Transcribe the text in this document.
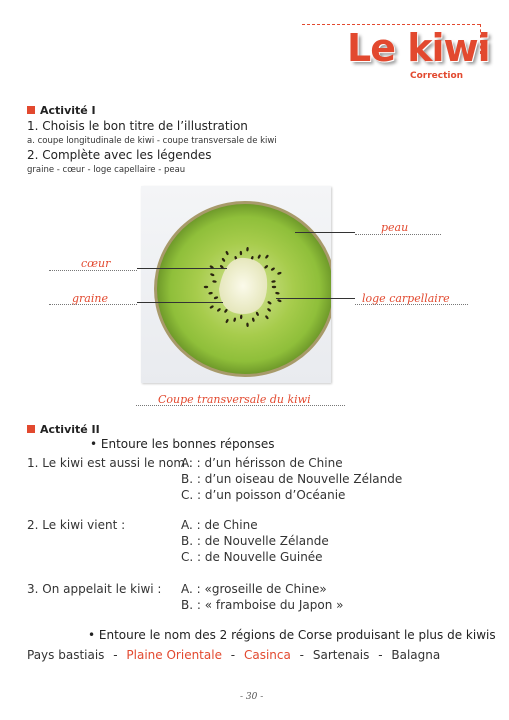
Le kiwi
Correction
Activité I
1. Choisis le bon titre de l’illustration
a. coupe longitudinale de kiwi - coupe transversale de kiwi
2. Complète avec les légendes
graine - cœur - loge capellaire - peau
peau
cœur
graine	loge carpellaire
Coupe transversale du kiwi
Activité II
• Entoure les bonnes réponses
1. Le kiwi est aussi le nom :
A. : d’un hérisson de Chine
B. : d’un oiseau de Nouvelle Zélande
C. : d’un poisson d’Océanie
2. Le kiwi vient :	A. : de Chine
B. : de Nouvelle Zélande
C. : de Nouvelle Guinée
3. On appelait le kiwi : A. : «groseille de Chine»
B. : « framboise du Japon »
• Entoure le nom des 2 régions de Corse produisant le plus de kiwis
Pays bastiais - Plaine Orientale - Casinca - Sartenais - Balagna
- 30 -
